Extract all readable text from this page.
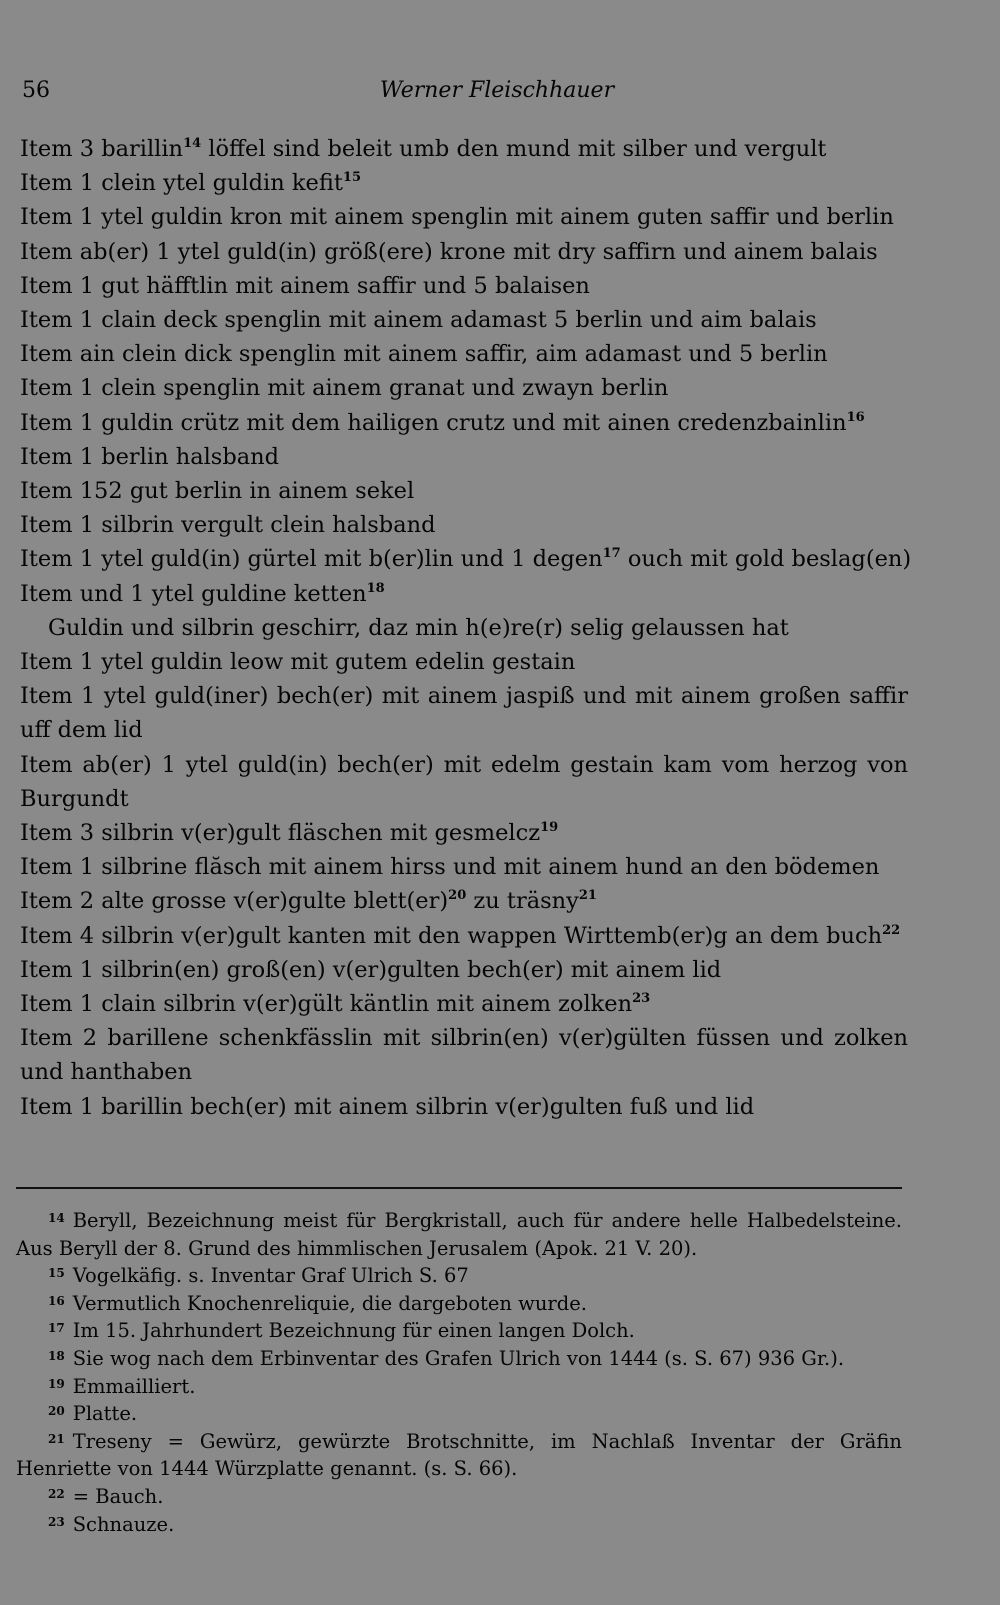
56	Werner Fleischhauer
Item 3 barillin$^{14}$ löffel sind beleit umb den mund mit silber und vergult
Item 1 clein ytel guldin kefit$^{15}$
Item 1 ytel guldin kron mit ainem spenglin mit ainem guten saffir und berlin
Item ab(er) 1 ytel guld(in) größ(ere) krone mit dry saffirn und ainem balais
Item 1 gut häfftlin mit ainem saffir und 5 balaisen
Item 1 clain deck spenglin mit ainem adamast 5 berlin und aim balais
Item ain clein dick spenglin mit ainem saffir, aim adamast und 5 berlin
Item 1 clein spenglin mit ainem granat und zwayn berlin
Item 1 guldin crütz mit dem hailigen crutz und mit ainen credenzbainlin$^{16}$
Item 1 berlin halsband
Item 152 gut berlin in ainem sekel
Item 1 silbrin vergult clein halsband
Item 1 ytel guld(in) gürtel mit b(er)lin und 1 degen$^{17}$ ouch mit gold beslag(en)
Item und 1 ytel guldine ketten$^{18}$
Guldin und silbrin geschirr, daz min h(e)re(r) selig gelaussen hat
Item 1 ytel guldin leow mit gutem edelin gestain
Item 1 ytel guld(iner) bech(er) mit ainem jaspiß und mit ainem großen saffir uff dem lid
Item ab(er) 1 ytel guld(in) bech(er) mit edelm gestain kam vom herzog von Burgundt
Item 3 silbrin v(er)gult fläschen mit gesmelcz$^{19}$
Item 1 silbrine flăsch mit ainem hirss und mit ainem hund an den bödemen
Item 2 alte grosse v(er)gulte blett(er)$^{20}$ zu träsny$^{21}$
Item 4 silbrin v(er)gult kanten mit den wappen Wirttemb(er)g an dem buch$^{22}$
Item 1 silbrin(en) groß(en) v(er)gulten bech(er) mit ainem lid
Item 1 clain silbrin v(er)gült käntlin mit ainem zolken$^{23}$
Item 2 barillene schenkfässlin mit silbrin(en) v(er)gülten füssen und zolken und hanthaben
Item 1 barillin bech(er) mit ainem silbrin v(er)gulten fuß und lid
$^{14}$ Beryll, Bezeichnung meist für Bergkristall, auch für andere helle Halbedelsteine. Aus Beryll der 8. Grund des himmlischen Jerusalem (Apok. 21 V. 20).
$^{15}$ Vogelkäfig. s. Inventar Graf Ulrich S. 67
$^{16}$ Vermutlich Knochenreliquie, die dargeboten wurde.
$^{17}$ Im 15. Jahrhundert Bezeichnung für einen langen Dolch.
$^{18}$ Sie wog nach dem Erbinventar des Grafen Ulrich von 1444 (s. S. 67) 936 Gr.).
$^{19}$ Emmailliert.
$^{20}$ Platte.
$^{21}$ Treseny = Gewürz, gewürzte Brotschnitte, im Nachlaß Inventar der Gräfin Henriette von 1444 Würzplatte genannt. (s. S. 66).
$^{22}$ = Bauch.
$^{23}$ Schnauze.
